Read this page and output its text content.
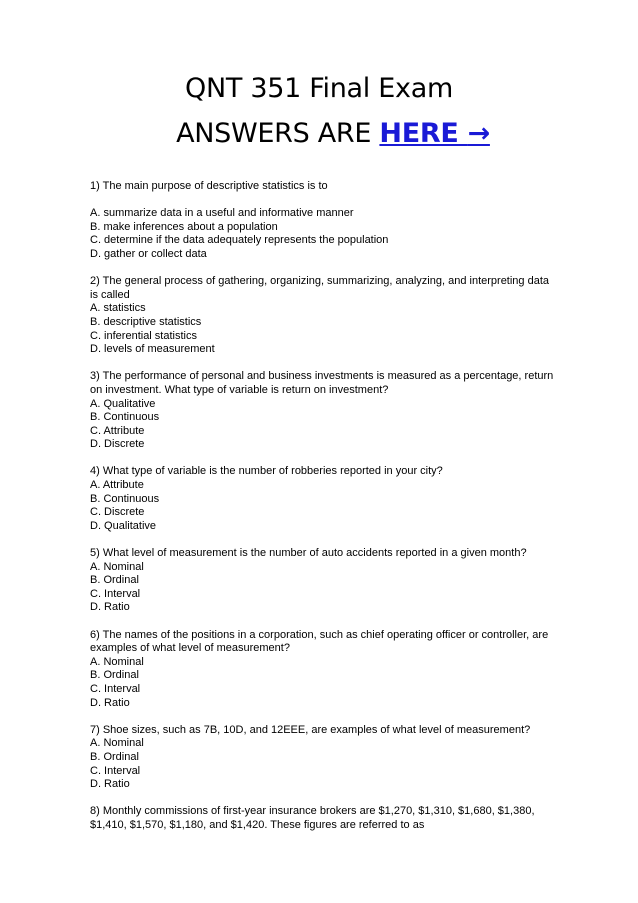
QNT 351 Final Exam
ANSWERS ARE HERE →
1) The main purpose of descriptive statistics is to
A. summarize data in a useful and informative manner
B. make inferences about a population
C. determine if the data adequately represents the population
D. gather or collect data
2) The general process of gathering, organizing, summarizing, analyzing, and interpreting data
is called
A. statistics
B. descriptive statistics
C. inferential statistics
D. levels of measurement
3) The performance of personal and business investments is measured as a percentage, return
on investment. What type of variable is return on investment?
A. Qualitative
B. Continuous
C. Attribute
D. Discrete
4) What type of variable is the number of robberies reported in your city?
A. Attribute
B. Continuous
C. Discrete
D. Qualitative
5) What level of measurement is the number of auto accidents reported in a given month?
A. Nominal
B. Ordinal
C. Interval
D. Ratio
6) The names of the positions in a corporation, such as chief operating officer or controller, are
examples of what level of measurement?
A. Nominal
B. Ordinal
C. Interval
D. Ratio
7) Shoe sizes, such as 7B, 10D, and 12EEE, are examples of what level of measurement?
A. Nominal
B. Ordinal
C. Interval
D. Ratio
8) Monthly commissions of first-year insurance brokers are $1,270, $1,310, $1,680, $1,380,
$1,410, $1,570, $1,180, and $1,420. These figures are referred to as
